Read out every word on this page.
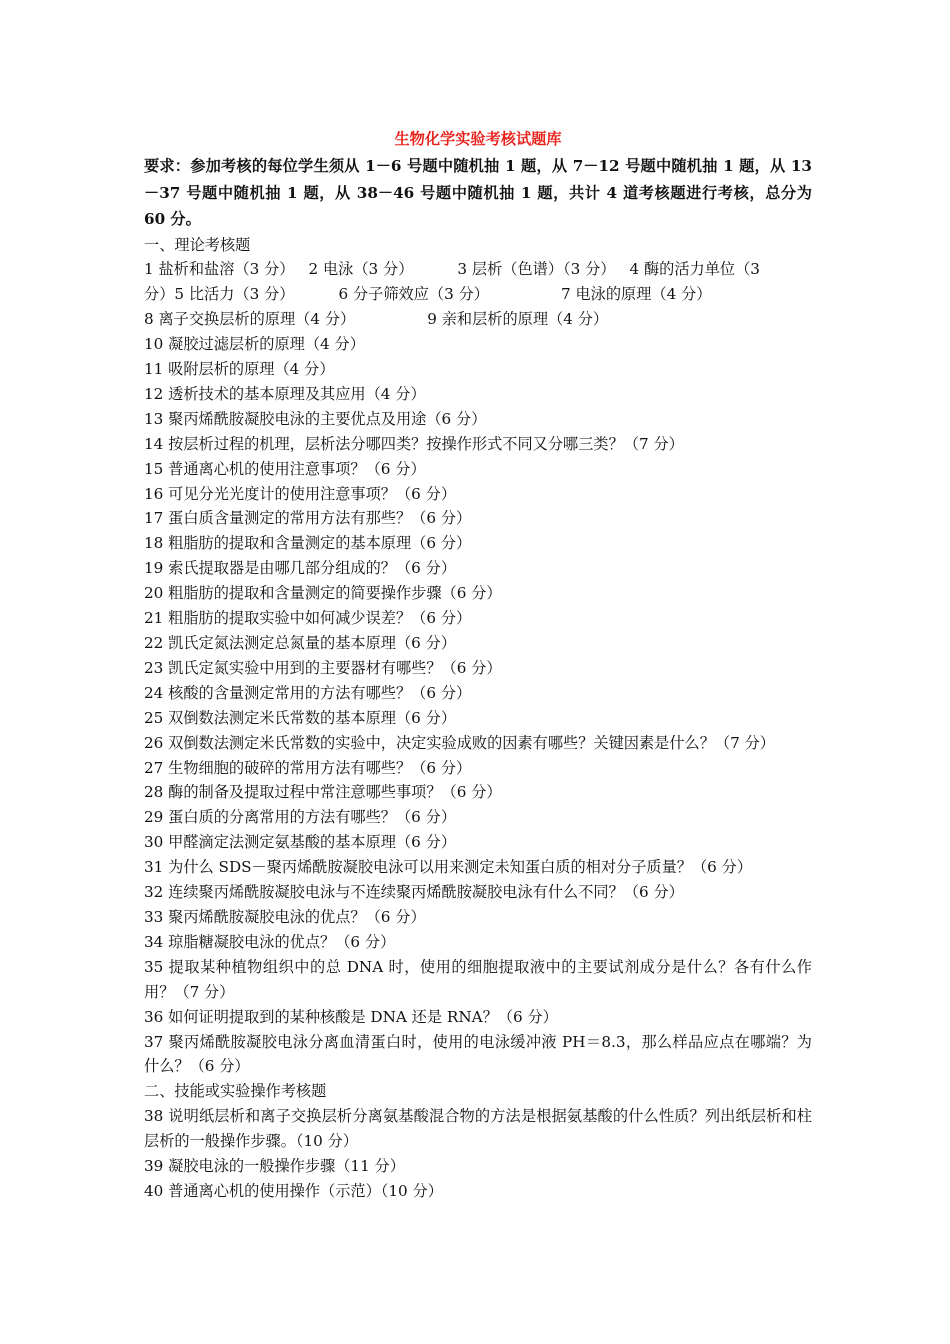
生物化学实验考核试题库
要求：参加考核的每位学生须从 1－6 号题中随机抽 1 题，从 7－12 号题中随机抽 1 题，从 13－37 号题中随机抽 1 题，从 38－46 号题中随机抽 1 题，共计 4 道考核题进行考核，总分为 60 分。
一、理论考核题
1 盐析和盐溶（3 分） 2 电泳（3 分）	3 层析（色谱）（3 分） 4 酶的活力单位（3
分）5 比活力（3 分）	6 分子筛效应（3 分）	7 电泳的原理（4 分）
8 离子交换层析的原理（4 分）	9 亲和层析的原理（4 分）
10 凝胶过滤层析的原理（4 分）
11 吸附层析的原理（4 分）
12 透析技术的基本原理及其应用（4 分）
13 聚丙烯酰胺凝胶电泳的主要优点及用途（6 分）
14 按层析过程的机理，层析法分哪四类？按操作形式不同又分哪三类？（7 分）
15 普通离心机的使用注意事项？（6 分）
16 可见分光光度计的使用注意事项？（6 分）
17 蛋白质含量测定的常用方法有那些？（6 分）
18 粗脂肪的提取和含量测定的基本原理（6 分）
19 索氏提取器是由哪几部分组成的？（6 分）
20 粗脂肪的提取和含量测定的简要操作步骤（6 分）
21 粗脂肪的提取实验中如何减少误差？（6 分）
22 凯氏定氮法测定总氮量的基本原理（6 分）
23 凯氏定氮实验中用到的主要器材有哪些？（6 分）
24 核酸的含量测定常用的方法有哪些？（6 分）
25 双倒数法测定米氏常数的基本原理（6 分）
26 双倒数法测定米氏常数的实验中，决定实验成败的因素有哪些？关键因素是什么？（7 分）
27 生物细胞的破碎的常用方法有哪些？（6 分）
28 酶的制备及提取过程中常注意哪些事项？（6 分）
29 蛋白质的分离常用的方法有哪些？（6 分）
30 甲醛滴定法测定氨基酸的基本原理（6 分）
31 为什么 SDS－聚丙烯酰胺凝胶电泳可以用来测定未知蛋白质的相对分子质量？（6 分）
32 连续聚丙烯酰胺凝胶电泳与不连续聚丙烯酰胺凝胶电泳有什么不同？（6 分）
33 聚丙烯酰胺凝胶电泳的优点？（6 分）
34 琼脂糖凝胶电泳的优点？（6 分）
35 提取某种植物组织中的总 DNA 时，使用的细胞提取液中的主要试剂成分是什么？各有什么作用？（7 分）
36 如何证明提取到的某种核酸是 DNA 还是 RNA？（6 分）
37 聚丙烯酰胺凝胶电泳分离血清蛋白时，使用的电泳缓冲液 PH＝8.3，那么样品应点在哪端？为什么？（6 分）
二、技能或实验操作考核题
38 说明纸层析和离子交换层析分离氨基酸混合物的方法是根据氨基酸的什么性质？列出纸层析和柱层析的一般操作步骤。（10 分）
39 凝胶电泳的一般操作步骤（11 分）
40 普通离心机的使用操作（示范）（10 分）
